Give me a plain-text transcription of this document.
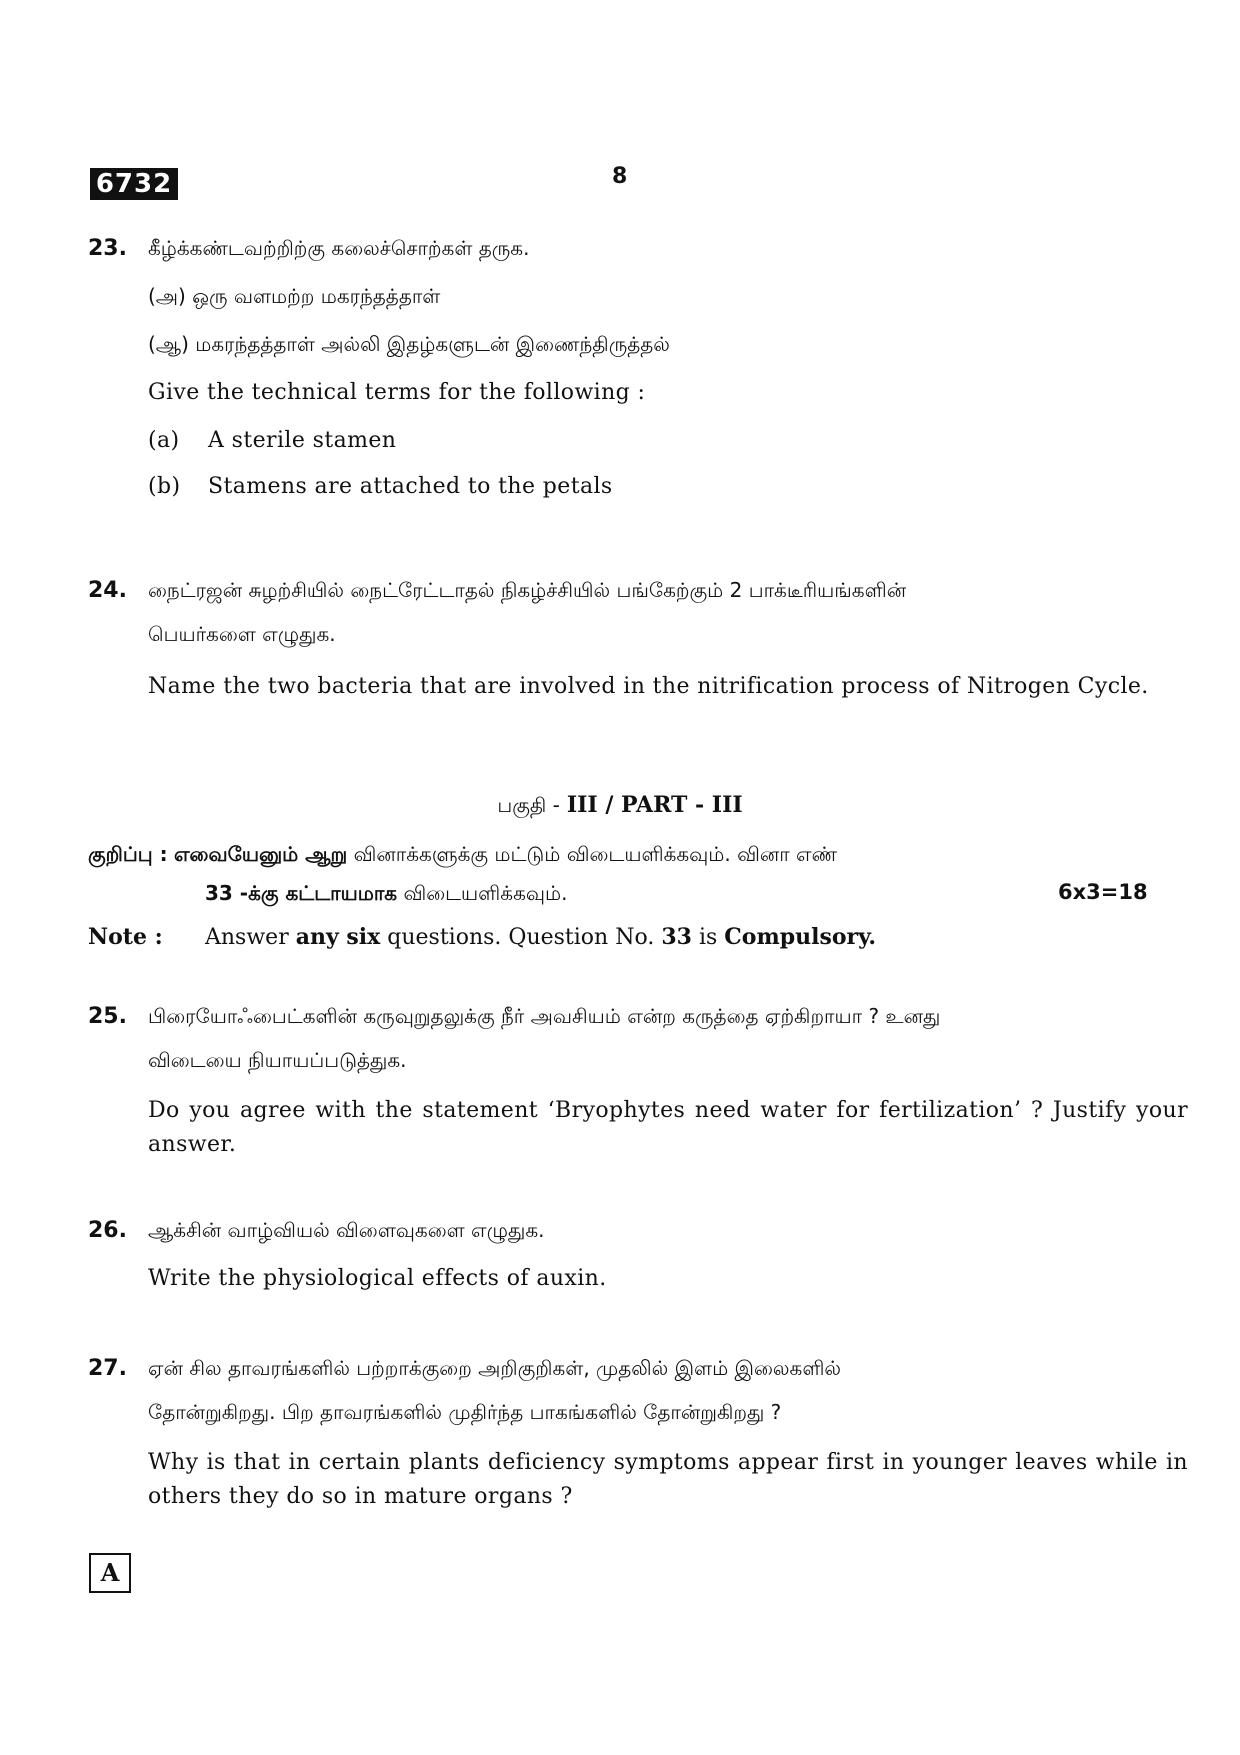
6732	8
23. கீழ்க்கண்டவற்றிற்கு கலைச்சொற்கள் தருக.
(அ) ஒரு வளமற்ற மகரந்தத்தாள்
(ஆ) மகரந்தத்தாள் அல்லி இதழ்களுடன் இணைந்திருத்தல்
Give the technical terms for the following :
(a) A sterile stamen
(b) Stamens are attached to the petals
24. நைட்ரஜன் சுழற்சியில் நைட்ரேட்டாதல் நிகழ்ச்சியில் பங்கேற்கும் 2 பாக்டீரியங்களின்
பெயர்களை எழுதுக.
Name the two bacteria that are involved in the nitrification process of Nitrogen Cycle.
பகுதி - III / PART - III
குறிப்பு : எவையேனும் ஆறு வினாக்களுக்கு மட்டும் விடையளிக்கவும். வினா எண்
33 -க்கு கட்டாயமாக விடையளிக்கவும்.	6x3=18
Note : Answer any six questions. Question No. 33 is Compulsory.
25. பிரையோஃபைட்களின் கருவுறுதலுக்கு நீர் அவசியம் என்ற கருத்தை ஏற்கிறாயா ? உனது
விடையை நியாயப்படுத்துக.
Do you agree with the statement ‘Bryophytes need water for fertilization’ ? Justify your answer.
26. ஆக்சின் வாழ்வியல் விளைவுகளை எழுதுக.
Write the physiological effects of auxin.
27. ஏன் சில தாவரங்களில் பற்றாக்குறை அறிகுறிகள், முதலில் இளம் இலைகளில்
தோன்றுகிறது. பிற தாவரங்களில் முதிர்ந்த பாகங்களில் தோன்றுகிறது ?
Why is that in certain plants deficiency symptoms appear first in younger leaves while in others they do so in mature organs ?
A
